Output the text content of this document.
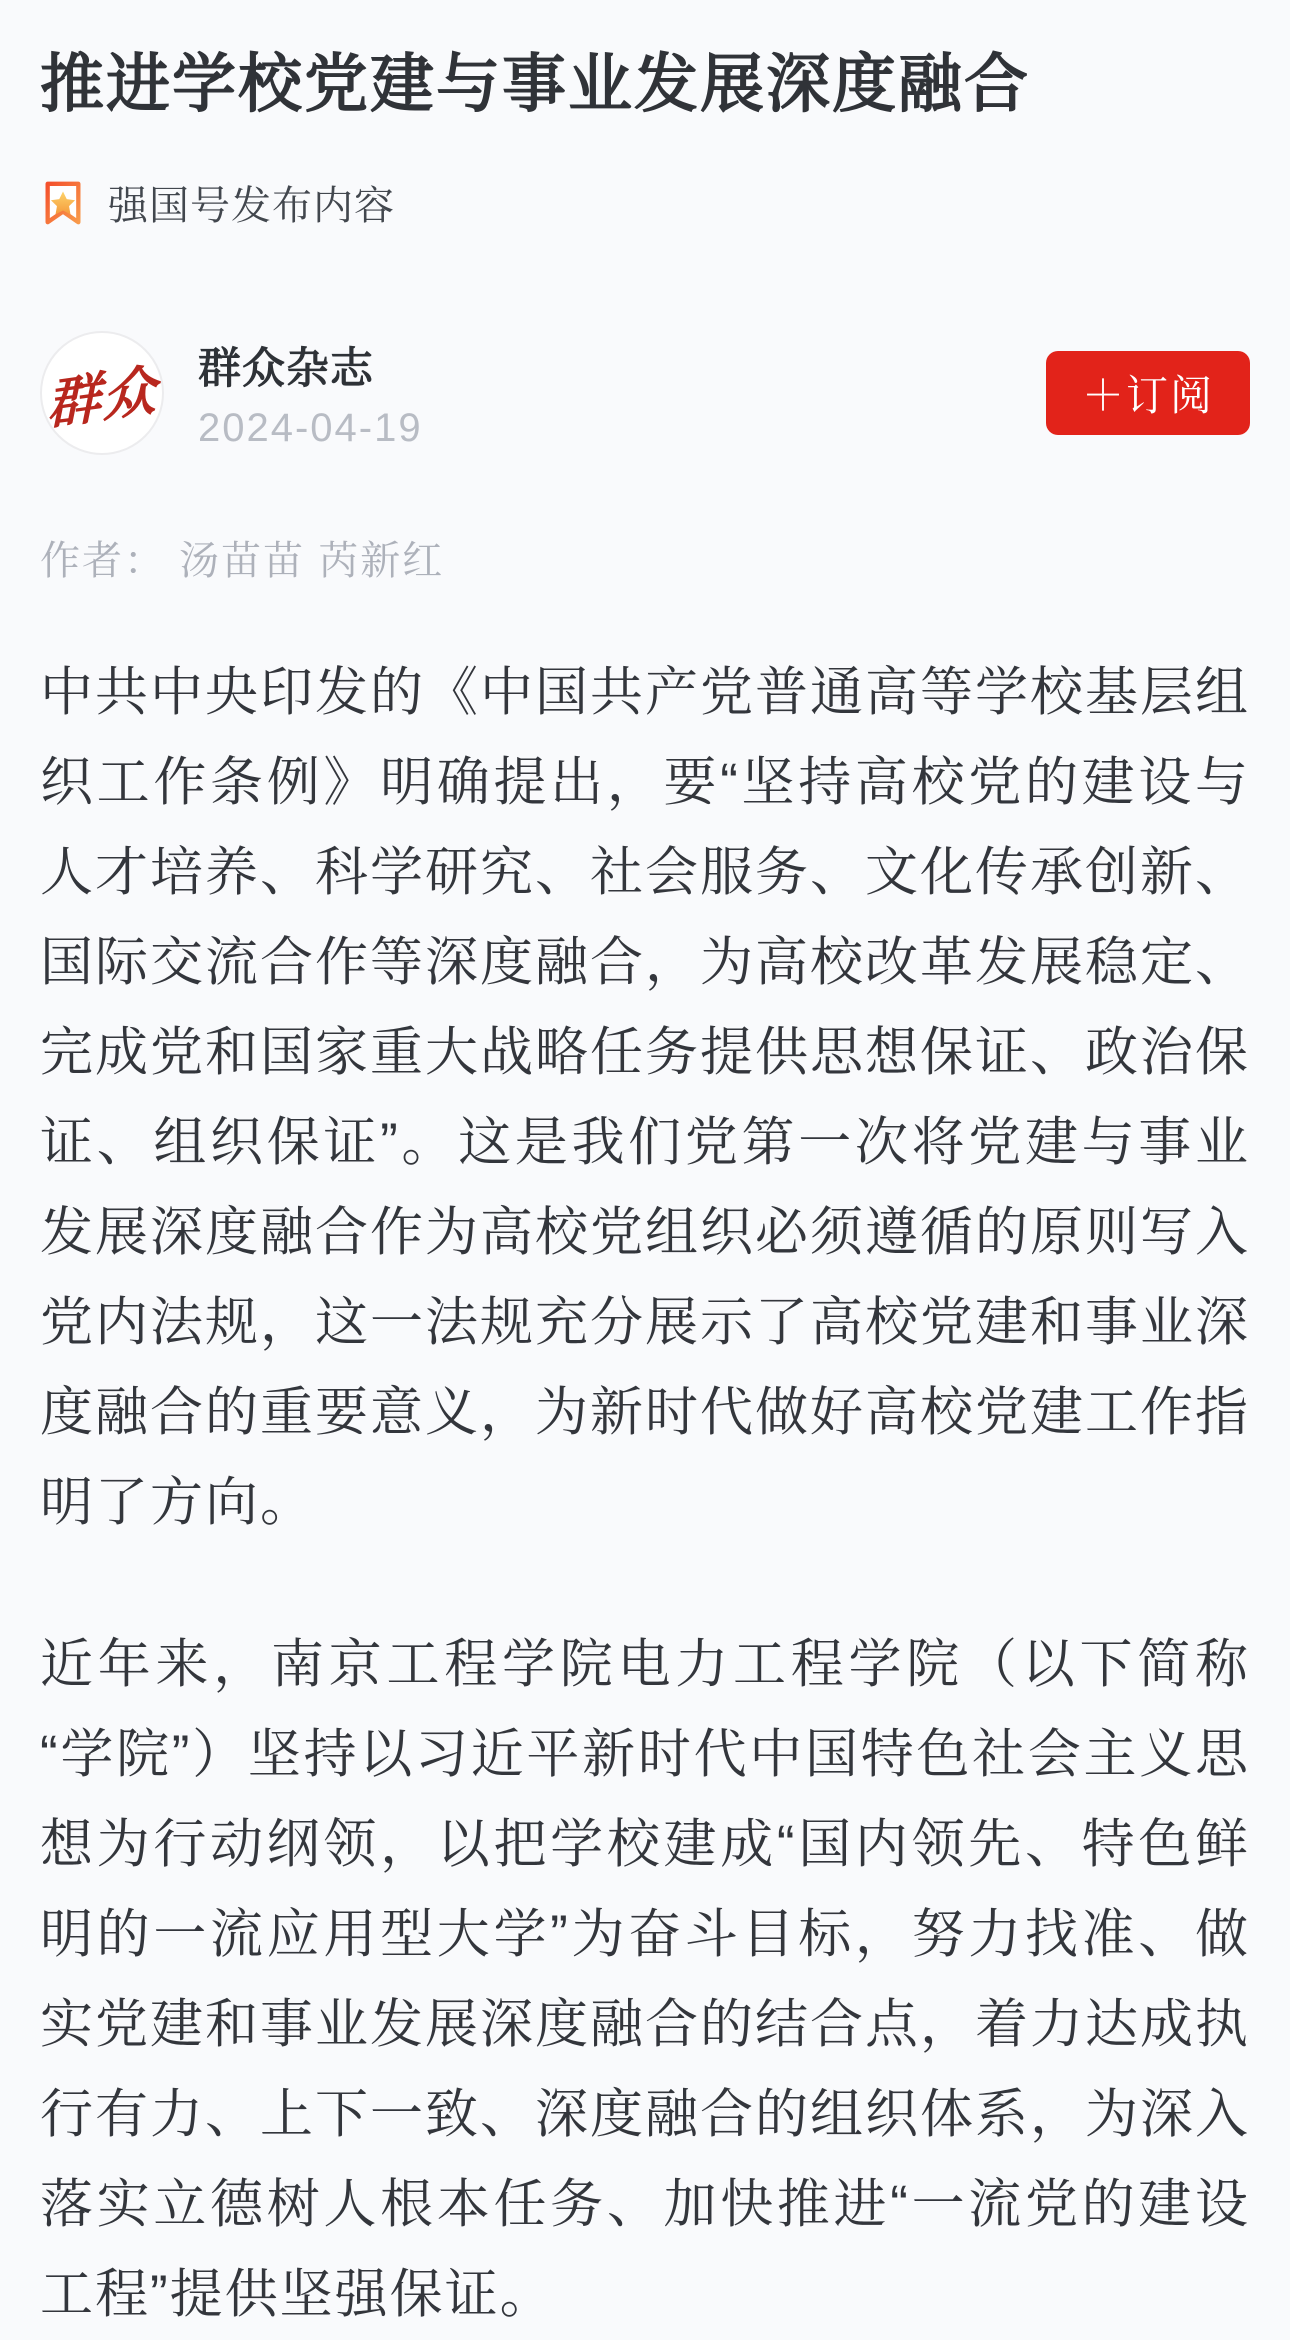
推进学校党建与事业发展深度融合
强国号发布内容
群众 群众杂志
2024-04-19
＋订阅

作者： 汤苗苗 芮新红

中共中央印发的《中国共产党普通高等学校基层组织工作条例》明确提出，要“坚持高校党的建设与人才培养、科学研究、社会服务、文化传承创新、国际交流合作等深度融合，为高校改革发展稳定、完成党和国家重大战略任务提供思想保证、政治保证、组织保证”。这是我们党第一次将党建与事业发展深度融合作为高校党组织必须遵循的原则写入党内法规，这一法规充分展示了高校党建和事业深度融合的重要意义，为新时代做好高校党建工作指明了方向。

近年来，南京工程学院电力工程学院（以下简称“学院”）坚持以习近平新时代中国特色社会主义思想为行动纲领，以把学校建成“国内领先、特色鲜明的一流应用型大学”为奋斗目标，努力找准、做实党建和事业发展深度融合的结合点，着力达成执行有力、上下一致、深度融合的组织体系，为深入落实立德树人根本任务、加快推进“一流党的建设工程”提供坚强保证。
